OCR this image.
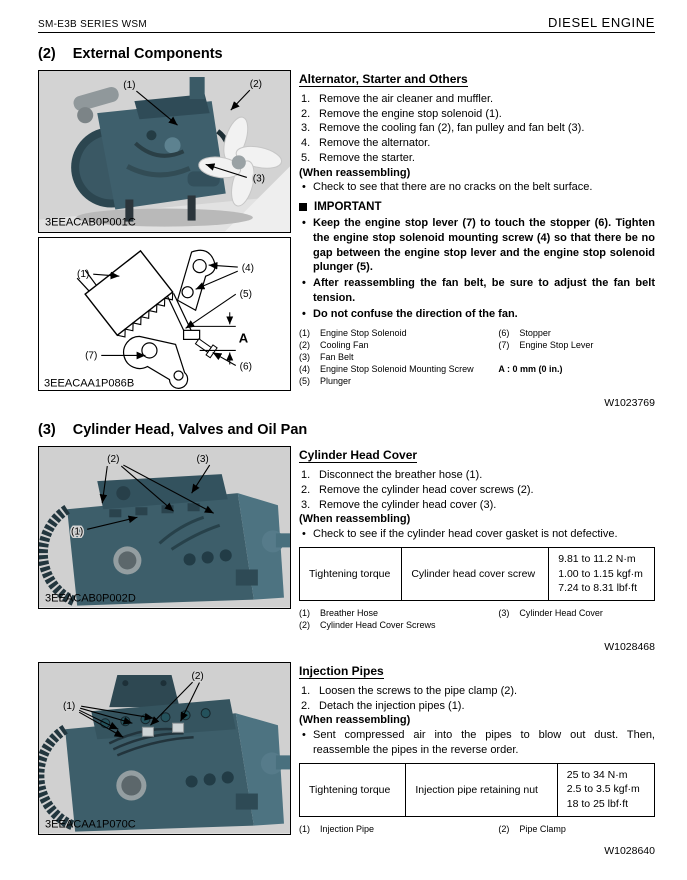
SM-E3B SERIES WSM	DIESEL ENGINE
(2) External Components
(1)	(2)
(3)
3EEACAB0P001C
(1)
(4)
(5)
(6)
(7)
A
3EEACAA1P086B
Alternator, Starter and Others
Remove the air cleaner and muffler.
Remove the engine stop solenoid (1).
Remove the cooling fan (2), fan pulley and fan belt (3).
Remove the alternator.
Remove the starter.
(When reassembling)
• Check to see that there are no cracks on the belt surface.
IMPORTANT
• Keep the engine stop lever (7) to touch the stopper (6). Tighten the engine stop solenoid mounting screw (4) so that there be no gap between the engine stop lever and the engine stop solenoid plunger (5).
• After reassembling the fan belt, be sure to adjust the fan belt tension.
• Do not confuse the direction of the fan.
(1)	Engine Stop Solenoid
(2)	Cooling Fan
(3)	Fan Belt
(4)	Engine Stop Solenoid Mounting Screw
(5)	Plunger
(6)	Stopper
(7)	Engine Stop Lever
A : 0 mm (0 in.)
W1023769
(3) Cylinder Head, Valves and Oil Pan
(2)	(3)
(1)
3EEACAB0P002D
Cylinder Head Cover
Disconnect the breather hose (1).
Remove the cylinder head cover screws (2).
Remove the cylinder head cover (3).
(When reassembling)
• Check to see if the cylinder head cover gasket is not defective.
Tightening torque	Cylinder head cover screw	
9.81 to 11.2 N·m
1.00 to 1.15 kgf·m
7.24 to 8.31 lbf·ft
(1)	Breather Hose
(2)	Cylinder Head Cover Screws
(3)	Cylinder Head Cover
W1028468
(1)
(2)
3EEACAA1P070C
Injection Pipes
Loosen the screws to the pipe clamp (2).
Detach the injection pipes (1).
(When reassembling)
• Sent compressed air into the pipes to blow out dust. Then, reassemble the pipes in the reverse order.
Tightening torque	Injection pipe retaining nut	
25 to 34 N·m
2.5 to 3.5 kgf·m
18 to 25 lbf·ft
(1)	Injection Pipe	(2)	Pipe Clamp
W1028640
